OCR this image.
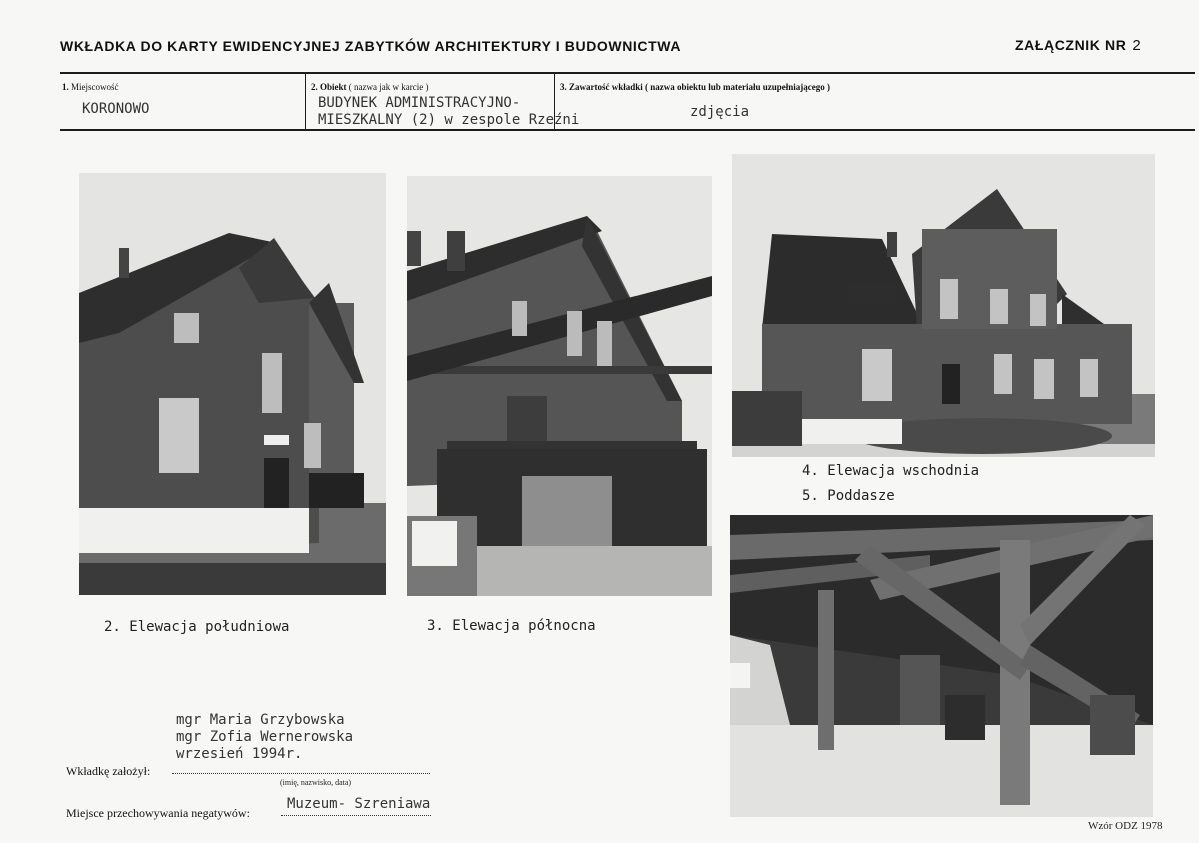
WKŁADKA DO KARTY EWIDENCYJNEJ ZABYTKÓW ARCHITEKTURY I BUDOWNICTWA	ZAŁĄCZNIK NR 2
1. Miejscowość
KORONOWO
2. Obiekt ( nazwa jak w karcie )
BUDYNEK ADMINISTRACYJNO-
MIESZKALNY (2) w zespole Rzeźni
3. Zawartość wkładki ( nazwa obiektu lub materiału uzupełniającego )
zdjęcia
2. Elewacja południowa	3. Elewacja północna
4. Elewacja wschodnia
5. Poddasze
mgr Maria Grzybowska
mgr Zofia Wernerowska
wrzesień 1994r.
Wkładkę założył:
(imię, nazwisko, data)
Miejsce przechowywania negatywów:
Muzeum- Szreniawa
Wzór ODZ 1978
